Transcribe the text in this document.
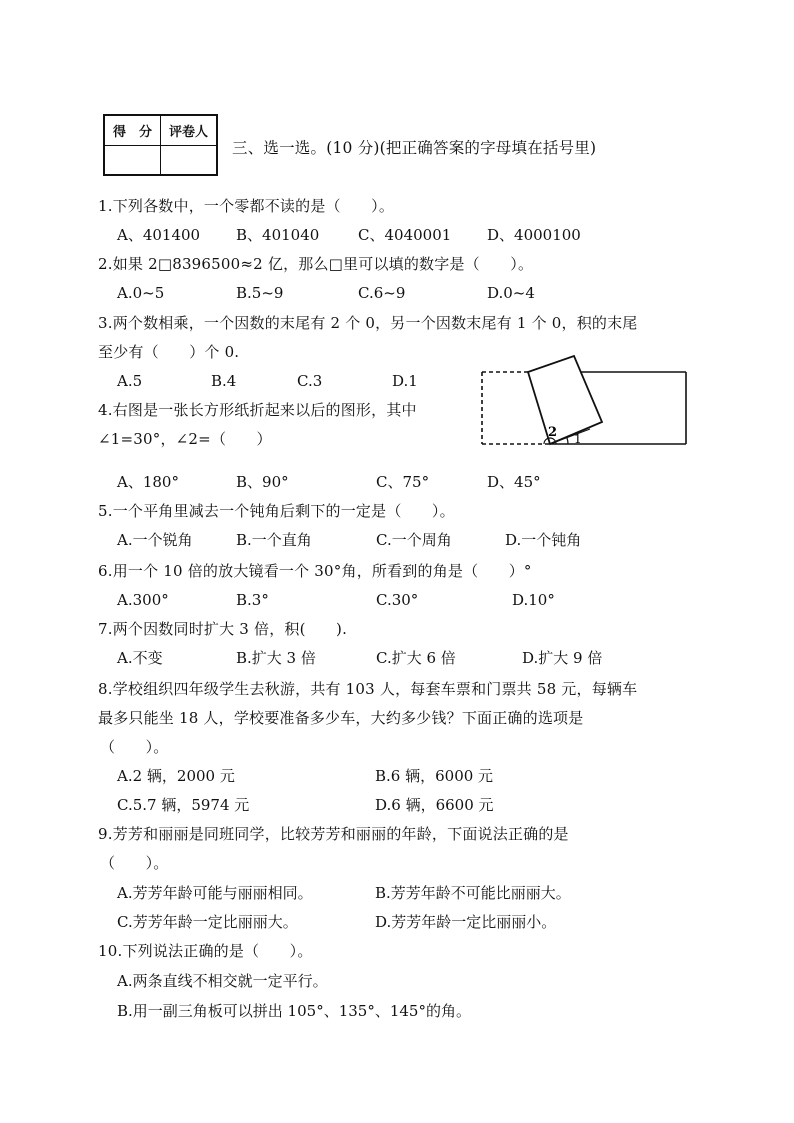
得　分	评卷人

三、选一选。(10 分)(把正确答案的字母填在括号里)
1.下列各数中，一个零都不读的是（　　）。
A、401400 B、401040	C、4040001 D、4000100
2.如果 2□8396500≈2 亿，那么□里可以填的数字是（　　）。
A.0~5	B.5~9	C.6~9	D.0~4
3.两个数相乘，一个因数的末尾有 2 个 0，另一个因数末尾有 1 个 0，积的末尾
至少有（　　）个 0.
A.5	B.4	C.3	D.1
4.右图是一张长方形纸折起来以后的图形，其中
∠1=30°，∠2=（　　）	2 1
A、180°	B、90°	C、75°	D、45°
5.一个平角里减去一个钝角后剩下的一定是（　　）。
A.一个锐角	B.一个直角	C.一个周角	D.一个钝角
6.用一个 10 倍的放大镜看一个 30°角，所看到的角是（　　）°
A.300°	B.3°	C.30°	D.10°
7.两个因数同时扩大 3 倍，积(　　).
A.不变	B.扩大 3 倍	C.扩大 6 倍	D.扩大 9 倍
8.学校组织四年级学生去秋游，共有 103 人，每套车票和门票共 58 元，每辆车
最多只能坐 18 人，学校要准备多少车，大约多少钱？下面正确的选项是
（　　）。
A.2 辆，2000 元	B.6 辆，6000 元
C.5.7 辆，5974 元	D.6 辆，6600 元
9.芳芳和丽丽是同班同学，比较芳芳和丽丽的年龄，下面说法正确的是
（　　）。
A.芳芳年龄可能与丽丽相同。	B.芳芳年龄不可能比丽丽大。
C.芳芳年龄一定比丽丽大。	D.芳芳年龄一定比丽丽小。
10.下列说法正确的是（　　）。
A.两条直线不相交就一定平行。
B.用一副三角板可以拼出 105°、135°、145°的角。
